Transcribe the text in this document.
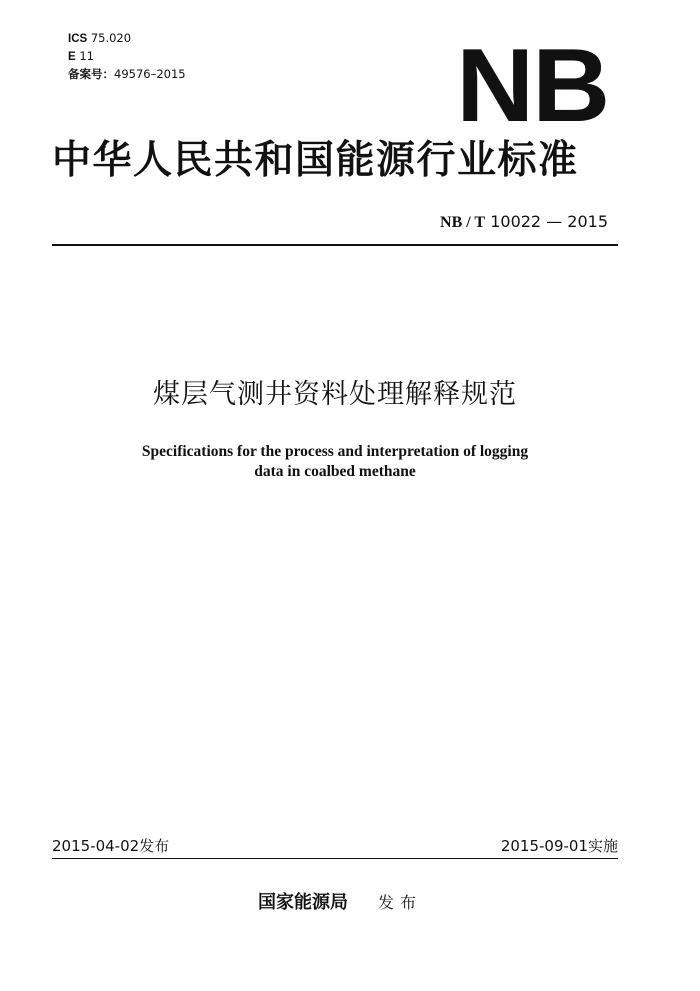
ICS 75.020
E 11
备案号：49576–2015	NB
中华人民共和国能源行业标准
NB / T 10022 — 2015
煤层气测井资料处理解释规范
Specifications for the process and interpretation of logging
data in coalbed methane
2015-04-02发布	2015-09-01实施
国家能源局 发布
